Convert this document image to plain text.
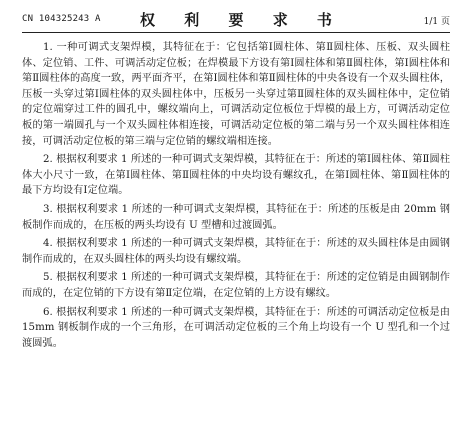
CN 104325243 A	权 利 要 求 书	1/1 页

1. 一种可调式支架焊模，其特征在于：它包括第Ⅰ圆柱体、第Ⅱ圆柱体、压板、双头圆柱体、定位销、工件、可调活动定位板；在焊模最下方设有第Ⅰ圆柱体和第Ⅱ圆柱体，第Ⅰ圆柱体和第Ⅱ圆柱体的高度一致，两平面齐平，在第Ⅰ圆柱体和第Ⅱ圆柱体的中央各设有一个双头圆柱体，压板一头穿过第Ⅰ圆柱体的双头圆柱体中，压板另一头穿过第Ⅱ圆柱体的双头圆柱体中，定位销的定位端穿过工件的圆孔中，螺纹端向上，可调活动定位板位于焊模的最上方，可调活动定位板的第一端圆孔与一个双头圆柱体相连接，可调活动定位板的第二端与另一个双头圆柱体相连接，可调活动定位板的第三端与定位销的螺纹端相连接。

2. 根据权利要求 1 所述的一种可调式支架焊模，其特征在于：所述的第Ⅰ圆柱体、第Ⅱ圆柱体大小尺寸一致，在第Ⅰ圆柱体、第Ⅱ圆柱体的中央均设有螺纹孔，在第Ⅰ圆柱体、第Ⅱ圆柱体的最下方均设有Ⅰ定位端。

3. 根据权利要求 1 所述的一种可调式支架焊模，其特征在于：所述的压板是由 20mm 钢板制作而成的，在压板的两头均设有 U 型槽和过渡圆弧。

4. 根据权利要求 1 所述的一种可调式支架焊模，其特征在于：所述的双头圆柱体是由圆钢制作而成的，在双头圆柱体的两头均设有螺纹端。

5. 根据权利要求 1 所述的一种可调式支架焊模，其特征在于：所述的定位销是由圆钢制作而成的，在定位销的下方设有第Ⅱ定位端，在定位销的上方设有螺纹。

6. 根据权利要求 1 所述的一种可调式支架焊模，其特征在于：所述的可调活动定位板是由 15mm 钢板制作成的一个三角形，在可调活动定位板的三个角上均设有一个 U 型孔和一个过渡圆弧。
